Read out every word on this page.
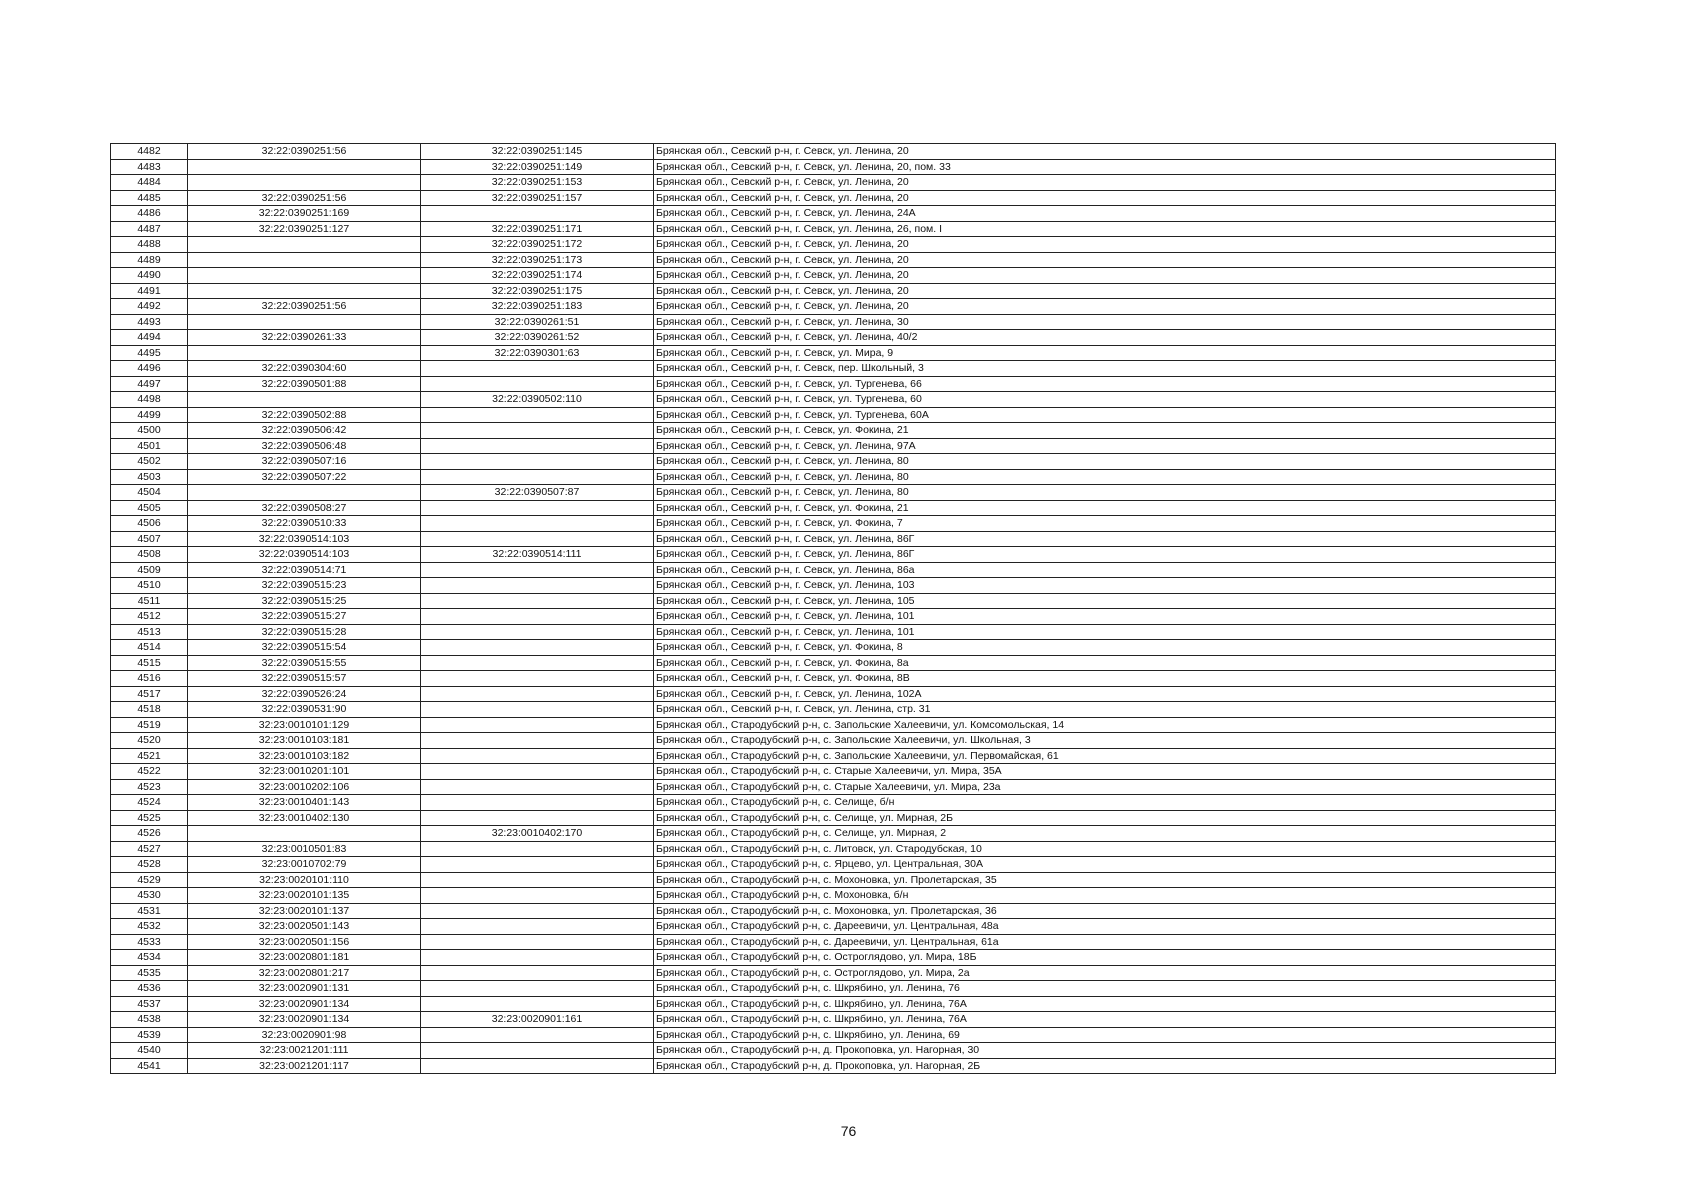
4482	32:22:0390251:56	32:22:0390251:145	Брянская обл., Севский р-н, г. Севск, ул. Ленина, 20
4483		32:22:0390251:149	Брянская обл., Севский р-н, г. Севск, ул. Ленина, 20, пом. 33
4484		32:22:0390251:153	Брянская обл., Севский р-н, г. Севск, ул. Ленина, 20
4485	32:22:0390251:56	32:22:0390251:157	Брянская обл., Севский р-н, г. Севск, ул. Ленина, 20
4486	32:22:0390251:169		Брянская обл., Севский р-н, г. Севск, ул. Ленина, 24А
4487	32:22:0390251:127	32:22:0390251:171	Брянская обл., Севский р-н, г. Севск, ул. Ленина, 26, пом. I
4488		32:22:0390251:172	Брянская обл., Севский р-н, г. Севск, ул. Ленина, 20
4489		32:22:0390251:173	Брянская обл., Севский р-н, г. Севск, ул. Ленина, 20
4490		32:22:0390251:174	Брянская обл., Севский р-н, г. Севск, ул. Ленина, 20
4491		32:22:0390251:175	Брянская обл., Севский р-н, г. Севск, ул. Ленина, 20
4492	32:22:0390251:56	32:22:0390251:183	Брянская обл., Севский р-н, г. Севск, ул. Ленина, 20
4493		32:22:0390261:51	Брянская обл., Севский р-н, г. Севск, ул. Ленина, 30
4494	32:22:0390261:33	32:22:0390261:52	Брянская обл., Севский р-н, г. Севск, ул. Ленина, 40/2
4495		32:22:0390301:63	Брянская обл., Севский р-н, г. Севск, ул. Мира, 9
4496	32:22:0390304:60		Брянская обл., Севский р-н, г. Севск, пер. Школьный, 3
4497	32:22:0390501:88		Брянская обл., Севский р-н, г. Севск, ул. Тургенева, 66
4498		32:22:0390502:110	Брянская обл., Севский р-н, г. Севск, ул. Тургенева, 60
4499	32:22:0390502:88		Брянская обл., Севский р-н, г. Севск, ул. Тургенева, 60А
4500	32:22:0390506:42		Брянская обл., Севский р-н, г. Севск, ул. Фокина, 21
4501	32:22:0390506:48		Брянская обл., Севский р-н, г. Севск, ул. Ленина, 97А
4502	32:22:0390507:16		Брянская обл., Севский р-н, г. Севск, ул. Ленина, 80
4503	32:22:0390507:22		Брянская обл., Севский р-н, г. Севск, ул. Ленина, 80
4504		32:22:0390507:87	Брянская обл., Севский р-н, г. Севск, ул. Ленина, 80
4505	32:22:0390508:27		Брянская обл., Севский р-н, г. Севск, ул. Фокина, 21
4506	32:22:0390510:33		Брянская обл., Севский р-н, г. Севск, ул. Фокина, 7
4507	32:22:0390514:103		Брянская обл., Севский р-н, г. Севск, ул. Ленина, 86Г
4508	32:22:0390514:103	32:22:0390514:111	Брянская обл., Севский р-н, г. Севск, ул. Ленина, 86Г
4509	32:22:0390514:71		Брянская обл., Севский р-н, г. Севск, ул. Ленина, 86а
4510	32:22:0390515:23		Брянская обл., Севский р-н, г. Севск, ул. Ленина, 103
4511	32:22:0390515:25		Брянская обл., Севский р-н, г. Севск, ул. Ленина, 105
4512	32:22:0390515:27		Брянская обл., Севский р-н, г. Севск, ул. Ленина, 101
4513	32:22:0390515:28		Брянская обл., Севский р-н, г. Севск, ул. Ленина, 101
4514	32:22:0390515:54		Брянская обл., Севский р-н, г. Севск, ул. Фокина, 8
4515	32:22:0390515:55		Брянская обл., Севский р-н, г. Севск, ул. Фокина, 8а
4516	32:22:0390515:57		Брянская обл., Севский р-н, г. Севск, ул. Фокина, 8В
4517	32:22:0390526:24		Брянская обл., Севский р-н, г. Севск, ул. Ленина, 102А
4518	32:22:0390531:90		Брянская обл., Севский р-н, г. Севск, ул. Ленина, стр. 31
4519	32:23:0010101:129		Брянская обл., Стародубский р-н, с. Запольские Халеевичи, ул. Комсомольская, 14
4520	32:23:0010103:181		Брянская обл., Стародубский р-н, с. Запольские Халеевичи, ул. Школьная, 3
4521	32:23:0010103:182		Брянская обл., Стародубский р-н, с. Запольские Халеевичи, ул. Первомайская, 61
4522	32:23:0010201:101		Брянская обл., Стародубский р-н, с. Старые Халеевичи, ул. Мира, 35А
4523	32:23:0010202:106		Брянская обл., Стародубский р-н, с. Старые Халеевичи, ул. Мира, 23а
4524	32:23:0010401:143		Брянская обл., Стародубский р-н, с. Селище, б/н
4525	32:23:0010402:130		Брянская обл., Стародубский р-н, с. Селище, ул. Мирная, 2Б
4526		32:23:0010402:170	Брянская обл., Стародубский р-н, с. Селище, ул. Мирная, 2
4527	32:23:0010501:83		Брянская обл., Стародубский р-н, с. Литовск, ул. Стародубская, 10
4528	32:23:0010702:79		Брянская обл., Стародубский р-н, с. Ярцево, ул. Центральная, 30А
4529	32:23:0020101:110		Брянская обл., Стародубский р-н, с. Мохоновка, ул. Пролетарская, 35
4530	32:23:0020101:135		Брянская обл., Стародубский р-н, с. Мохоновка, б/н
4531	32:23:0020101:137		Брянская обл., Стародубский р-н, с. Мохоновка, ул. Пролетарская, 36
4532	32:23:0020501:143		Брянская обл., Стародубский р-н, с. Дареевичи, ул. Центральная, 48а
4533	32:23:0020501:156		Брянская обл., Стародубский р-н, с. Дареевичи, ул. Центральная, 61а
4534	32:23:0020801:181		Брянская обл., Стародубский р-н, с. Остроглядово, ул. Мира, 18Б
4535	32:23:0020801:217		Брянская обл., Стародубский р-н, с. Остроглядово, ул. Мира, 2а
4536	32:23:0020901:131		Брянская обл., Стародубский р-н, с. Шкрябино, ул. Ленина, 76
4537	32:23:0020901:134		Брянская обл., Стародубский р-н, с. Шкрябино, ул. Ленина, 76А
4538	32:23:0020901:134	32:23:0020901:161	Брянская обл., Стародубский р-н, с. Шкрябино, ул. Ленина, 76А
4539	32:23:0020901:98		Брянская обл., Стародубский р-н, с. Шкрябино, ул. Ленина, 69
4540	32:23:0021201:111		Брянская обл., Стародубский р-н, д. Прокоповка, ул. Нагорная, 30
4541	32:23:0021201:117		Брянская обл., Стародубский р-н, д. Прокоповка, ул. Нагорная, 2Б
76
